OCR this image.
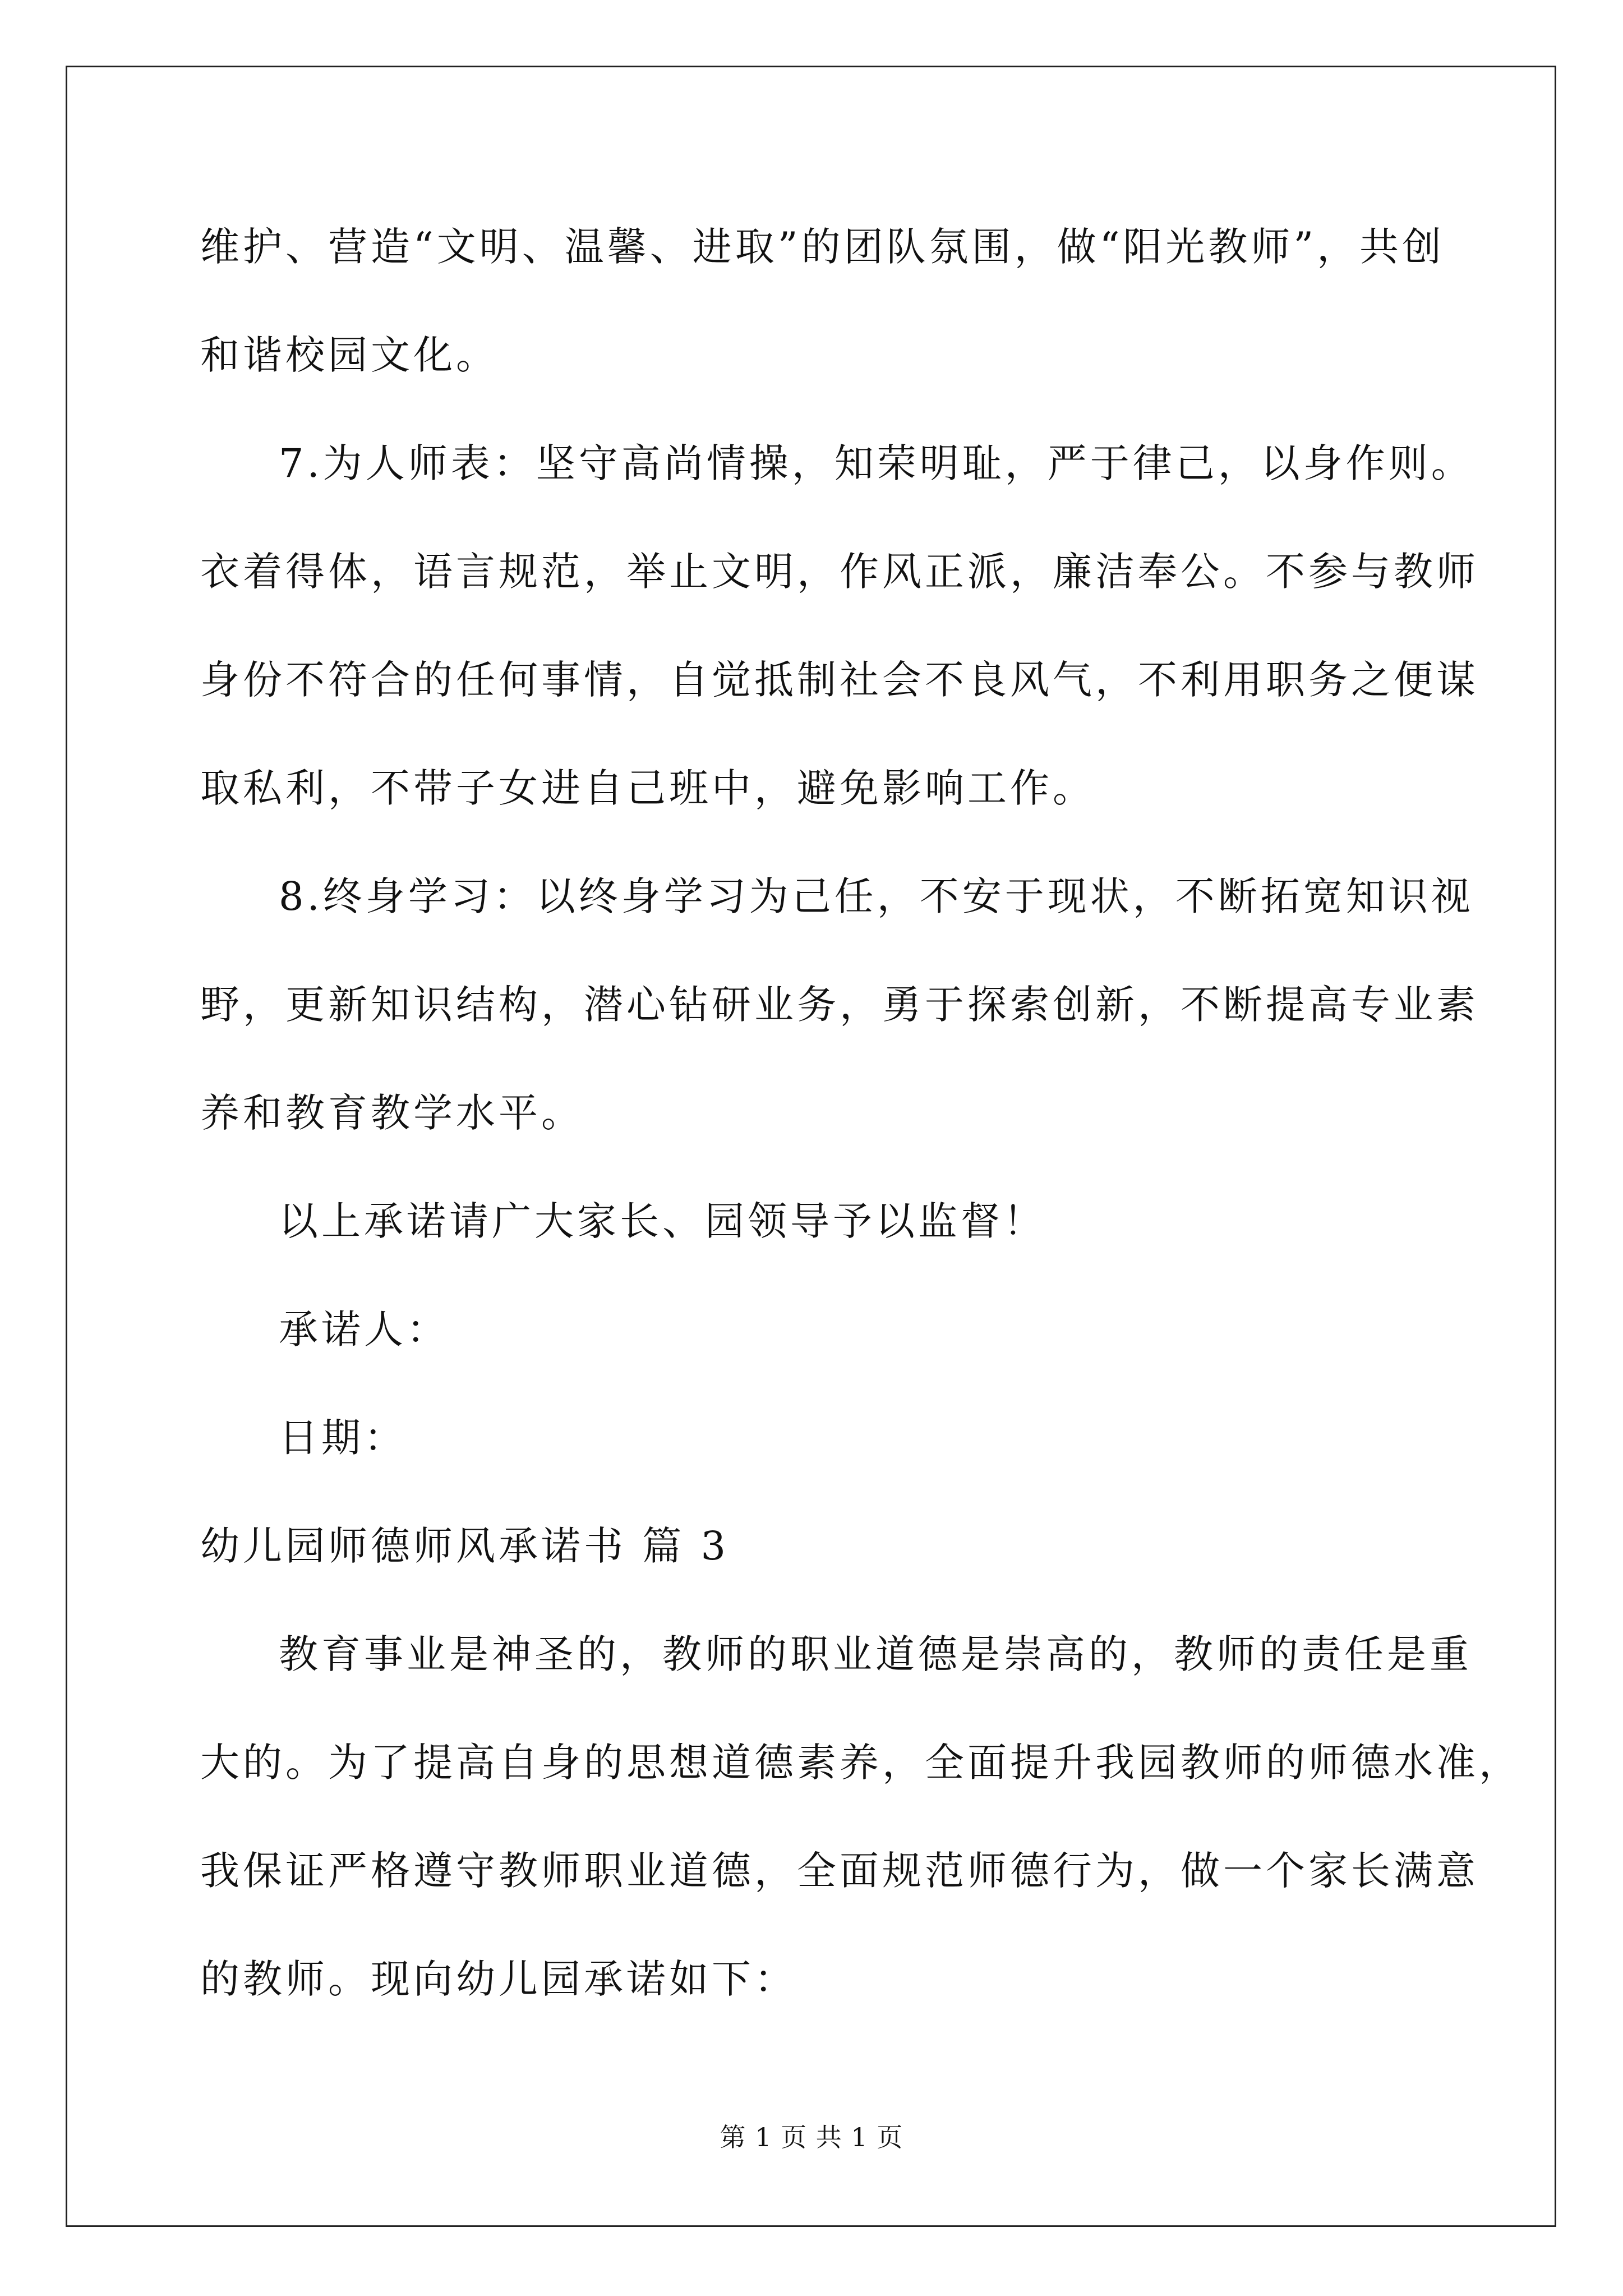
维护、营造“文明、温馨、进取”的团队氛围，做“阳光教师”，共创
和谐校园文化。
7.为人师表：坚守高尚情操，知荣明耻，严于律己，以身作则。
衣着得体，语言规范，举止文明，作风正派，廉洁奉公。不参与教师
身份不符合的任何事情，自觉抵制社会不良风气，不利用职务之便谋
取私利，不带子女进自己班中，避免影响工作。
8.终身学习：以终身学习为己任，不安于现状，不断拓宽知识视
野，更新知识结构，潜心钻研业务，勇于探索创新，不断提高专业素
养和教育教学水平。
以上承诺请广大家长、园领导予以监督！
承诺人：
日期：
幼儿园师德师风承诺书 篇 3
教育事业是神圣的，教师的职业道德是崇高的，教师的责任是重
大的。为了提高自身的思想道德素养，全面提升我园教师的师德水准，
我保证严格遵守教师职业道德，全面规范师德行为，做一个家长满意
的教师。现向幼儿园承诺如下：
第 1 页 共 1 页
